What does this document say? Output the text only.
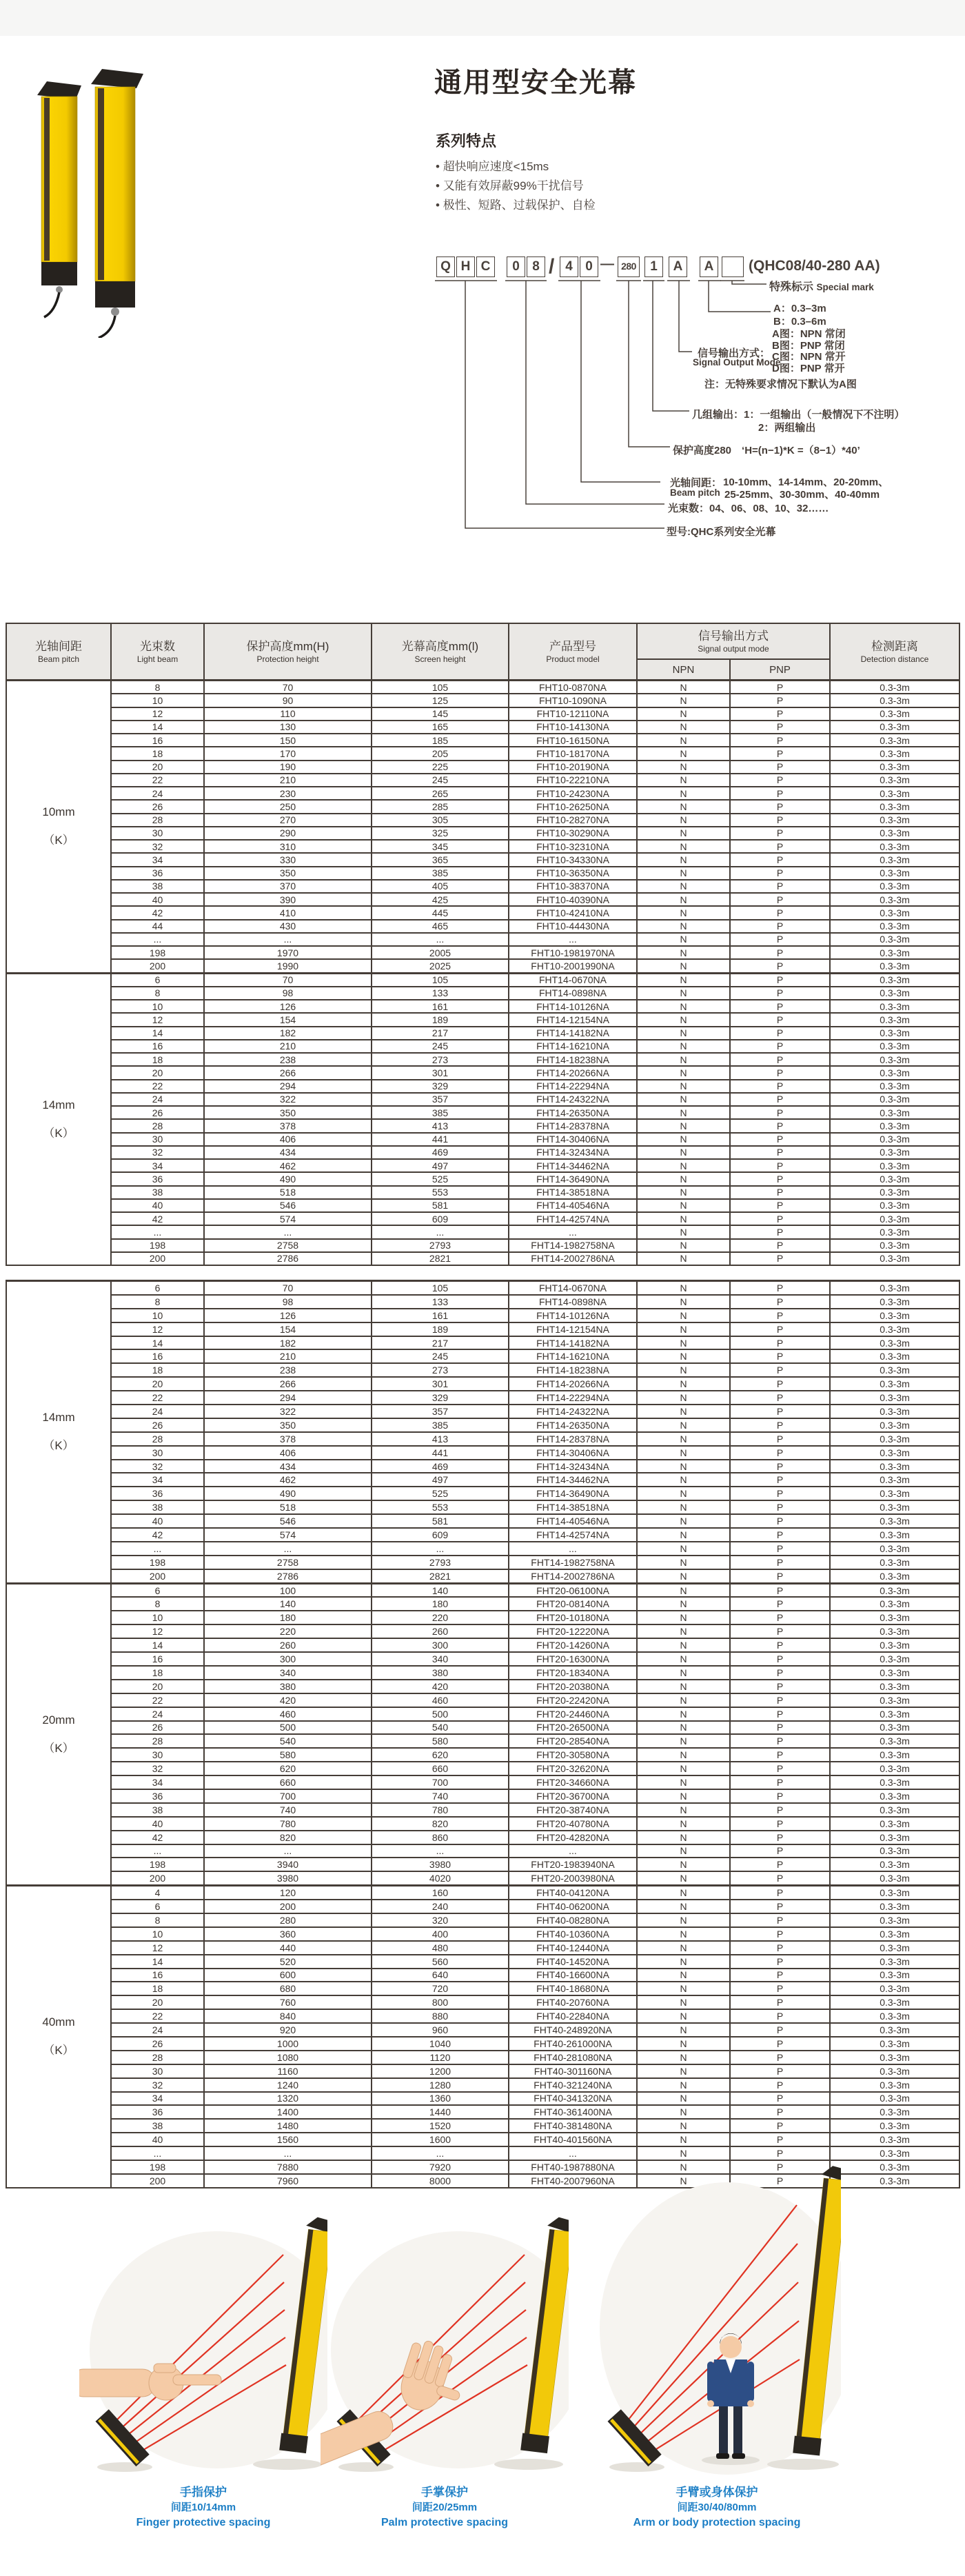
通用型安全光幕
系列特点
• 超快响应速度<15ms
• 又能有效屏蔽99%干扰信号
• 极性、短路、过载保护、自检
Q H C	0 8 / 4 0 — 280	1	A	A	(QHC08/40-280 AA)
特殊标示 Special mark
A：0.3–3m
B：0.3–6m
A图：NPN 常闭
B图：PNP 常闭
C图：NPN 常开
D图：PNP 常开
信号输出方式：
Signal Output Mode
注：无特殊要求情况下默认为A图
几组输出：1：一组输出（一般情况下不注明）
2：两组输出
保护高度280　‘H=(n−1)*K =（8−1）*40’
光轴间距：
Beam pitch
10-10mm、14-14mm、20-20mm、
25-25mm、30-30mm、40-40mm
光束数：04、06、08、10、32……
型号:QHC系列安全光幕
光轴间距
Beam pitch

光束数
Light beam

保护高度mm(H)
Protection height

光幕高度mm(l)
Screen height

产品型号
Product model

信号输出方式
Signal output mode	检测距离
Detection distance

					NPN	PNP	

10mm
（K）	8	70	105	FHT10-0870NA	N	P	0.3-3m
	10	90	125	FHT10-1090NA	N	P	0.3-3m
	12	110	145	FHT10-12110NA	N	P	0.3-3m
	14	130	165	FHT10-14130NA	N	P	0.3-3m
	16	150	185	FHT10-16150NA	N	P	0.3-3m
	18	170	205	FHT10-18170NA	N	P	0.3-3m
	20	190	225	FHT10-20190NA	N	P	0.3-3m
	22	210	245	FHT10-22210NA	N	P	0.3-3m
	24	230	265	FHT10-24230NA	N	P	0.3-3m
	26	250	285	FHT10-26250NA	N	P	0.3-3m
	28	270	305	FHT10-28270NA	N	P	0.3-3m
	30	290	325	FHT10-30290NA	N	P	0.3-3m
	32	310	345	FHT10-32310NA	N	P	0.3-3m
	34	330	365	FHT10-34330NA	N	P	0.3-3m
	36	350	385	FHT10-36350NA	N	P	0.3-3m
	38	370	405	FHT10-38370NA	N	P	0.3-3m
	40	390	425	FHT10-40390NA	N	P	0.3-3m
	42	410	445	FHT10-42410NA	N	P	0.3-3m
	44	430	465	FHT10-44430NA	N	P	0.3-3m
	...	...	...	...	N	P	0.3-3m
	198	1970	2005	FHT10-1981970NA	N	P	0.3-3m
	200	1990	2025	FHT10-2001990NA	N	P	0.3-3m

14mm
（K）	6	70	105	FHT14-0670NA	N	P	0.3-3m
	8	98	133	FHT14-0898NA	N	P	0.3-3m
	10	126	161	FHT14-10126NA	N	P	0.3-3m
	12	154	189	FHT14-12154NA	N	P	0.3-3m
	14	182	217	FHT14-14182NA	N	P	0.3-3m
	16	210	245	FHT14-16210NA	N	P	0.3-3m
	18	238	273	FHT14-18238NA	N	P	0.3-3m
	20	266	301	FHT14-20266NA	N	P	0.3-3m
	22	294	329	FHT14-22294NA	N	P	0.3-3m
	24	322	357	FHT14-24322NA	N	P	0.3-3m
	26	350	385	FHT14-26350NA	N	P	0.3-3m
	28	378	413	FHT14-28378NA	N	P	0.3-3m
	30	406	441	FHT14-30406NA	N	P	0.3-3m
	32	434	469	FHT14-32434NA	N	P	0.3-3m
	34	462	497	FHT14-34462NA	N	P	0.3-3m
	36	490	525	FHT14-36490NA	N	P	0.3-3m
	38	518	553	FHT14-38518NA	N	P	0.3-3m
	40	546	581	FHT14-40546NA	N	P	0.3-3m
	42	574	609	FHT14-42574NA	N	P	0.3-3m
	...	...	...	...	N	P	0.3-3m
	198	2758	2793	FHT14-1982758NA	N	P	0.3-3m
	200	2786	2821	FHT14-2002786NA	N	P	0.3-3m
14mm
（K）	6	70	105	FHT14-0670NA	N	P	0.3-3m
	8	98	133	FHT14-0898NA	N	P	0.3-3m
	10	126	161	FHT14-10126NA	N	P	0.3-3m
	12	154	189	FHT14-12154NA	N	P	0.3-3m
	14	182	217	FHT14-14182NA	N	P	0.3-3m
	16	210	245	FHT14-16210NA	N	P	0.3-3m
	18	238	273	FHT14-18238NA	N	P	0.3-3m
	20	266	301	FHT14-20266NA	N	P	0.3-3m
	22	294	329	FHT14-22294NA	N	P	0.3-3m
	24	322	357	FHT14-24322NA	N	P	0.3-3m
	26	350	385	FHT14-26350NA	N	P	0.3-3m
	28	378	413	FHT14-28378NA	N	P	0.3-3m
	30	406	441	FHT14-30406NA	N	P	0.3-3m
	32	434	469	FHT14-32434NA	N	P	0.3-3m
	34	462	497	FHT14-34462NA	N	P	0.3-3m
	36	490	525	FHT14-36490NA	N	P	0.3-3m
	38	518	553	FHT14-38518NA	N	P	0.3-3m
	40	546	581	FHT14-40546NA	N	P	0.3-3m
	42	574	609	FHT14-42574NA	N	P	0.3-3m
	...	...	...	...	N	P	0.3-3m
	198	2758	2793	FHT14-1982758NA	N	P	0.3-3m
	200	2786	2821	FHT14-2002786NA	N	P	0.3-3m

20mm
（K）	6	100	140	FHT20-06100NA	N	P	0.3-3m
	8	140	180	FHT20-08140NA	N	P	0.3-3m
	10	180	220	FHT20-10180NA	N	P	0.3-3m
	12	220	260	FHT20-12220NA	N	P	0.3-3m
	14	260	300	FHT20-14260NA	N	P	0.3-3m
	16	300	340	FHT20-16300NA	N	P	0.3-3m
	18	340	380	FHT20-18340NA	N	P	0.3-3m
	20	380	420	FHT20-20380NA	N	P	0.3-3m
	22	420	460	FHT20-22420NA	N	P	0.3-3m
	24	460	500	FHT20-24460NA	N	P	0.3-3m
	26	500	540	FHT20-26500NA	N	P	0.3-3m
	28	540	580	FHT20-28540NA	N	P	0.3-3m
	30	580	620	FHT20-30580NA	N	P	0.3-3m
	32	620	660	FHT20-32620NA	N	P	0.3-3m
	34	660	700	FHT20-34660NA	N	P	0.3-3m
	36	700	740	FHT20-36700NA	N	P	0.3-3m
	38	740	780	FHT20-38740NA	N	P	0.3-3m
	40	780	820	FHT20-40780NA	N	P	0.3-3m
	42	820	860	FHT20-42820NA	N	P	0.3-3m
	...	...	...	...	N	P	0.3-3m
	198	3940	3980	FHT20-1983940NA	N	P	0.3-3m
	200	3980	4020	FHT20-2003980NA	N	P	0.3-3m

40mm
（K）	4	120	160	FHT40-04120NA	N	P	0.3-3m
	6	200	240	FHT40-06200NA	N	P	0.3-3m
	8	280	320	FHT40-08280NA	N	P	0.3-3m
	10	360	400	FHT40-10360NA	N	P	0.3-3m
	12	440	480	FHT40-12440NA	N	P	0.3-3m
	14	520	560	FHT40-14520NA	N	P	0.3-3m
	16	600	640	FHT40-16600NA	N	P	0.3-3m
	18	680	720	FHT40-18680NA	N	P	0.3-3m
	20	760	800	FHT40-20760NA	N	P	0.3-3m
	22	840	880	FHT40-22840NA	N	P	0.3-3m
	24	920	960	FHT40-248920NA	N	P	0.3-3m
	26	1000	1040	FHT40-261000NA	N	P	0.3-3m
	28	1080	1120	FHT40-281080NA	N	P	0.3-3m
	30	1160	1200	FHT40-301160NA	N	P	0.3-3m
	32	1240	1280	FHT40-321240NA	N	P	0.3-3m
	34	1320	1360	FHT40-341320NA	N	P	0.3-3m
	36	1400	1440	FHT40-361400NA	N	P	0.3-3m
	38	1480	1520	FHT40-381480NA	N	P	0.3-3m
	40	1560	1600	FHT40-401560NA	N	P	0.3-3m
	...	...	...	...	N	P	0.3-3m
	198	7880	7920	FHT40-1987880NA	N	P	0.3-3m
	200	7960	8000	FHT40-2007960NA	N	P	0.3-3m
手指保护
间距10/14mm
Finger protective spacing
手掌保护
间距20/25mm
Palm protective spacing
手臂或身体保护
间距30/40/80mm
Arm or body protection spacing
